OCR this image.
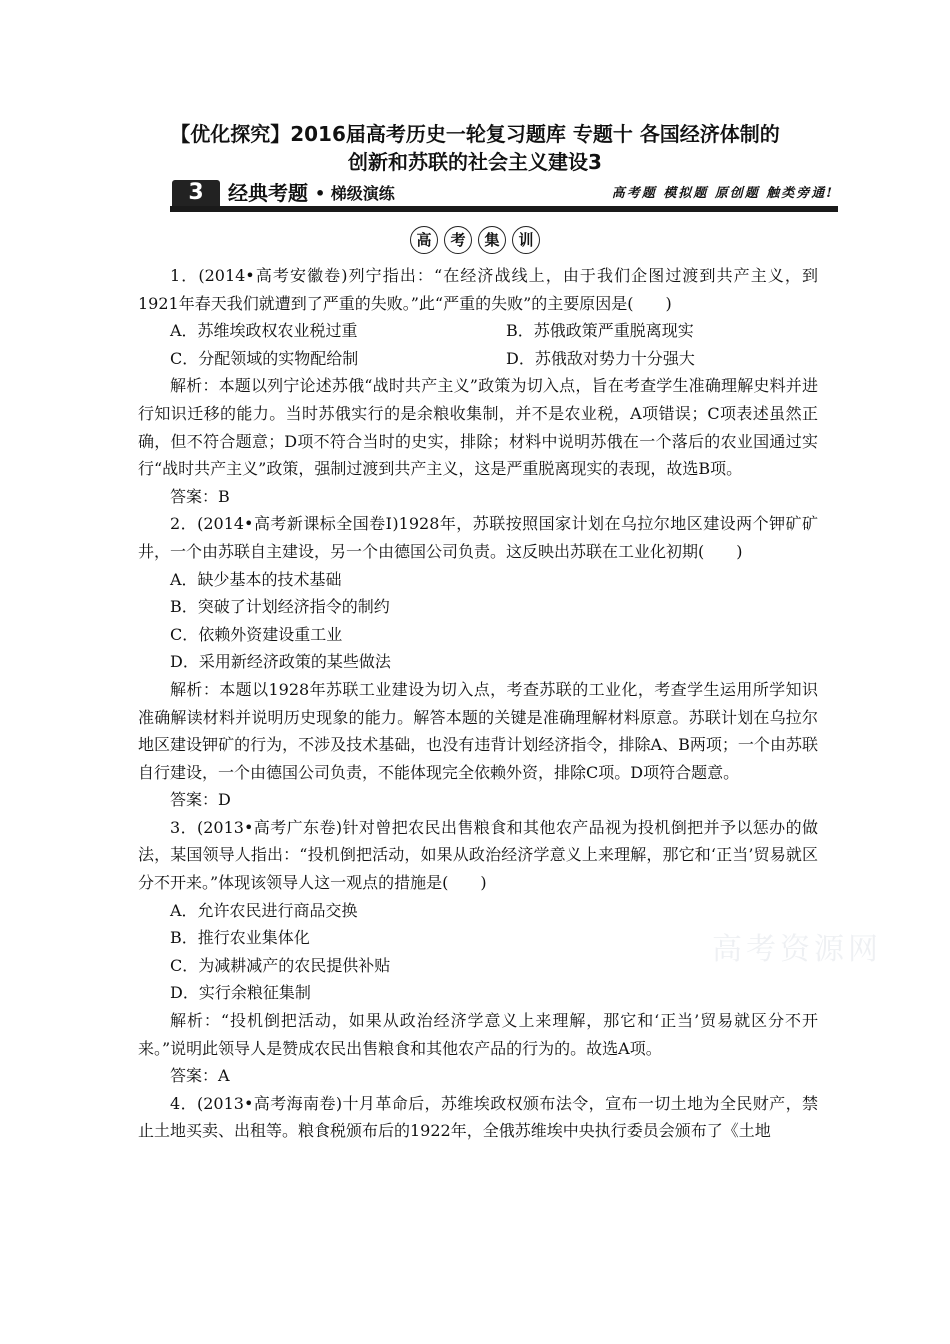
【优化探究】2016届高考历史一轮复习题库 专题十 各国经济体制的
创新和苏联的社会主义建设3
3	经典考题 • 梯级演练	高考题 模拟题 原创题 触类旁通!
高 考 集 训
高考资源网

1．(2014•高考安徽卷)列宁指出：“在经济战线上，由于我们企图过渡到共产主义，到1921年春天我们就遭到了严重的失败。”此“严重的失败”的主要原因是(　　)

A．苏维埃政权农业税过重	B．苏俄政策严重脱离现实
C．分配领域的实物配给制	D．苏俄敌对势力十分强大

解析：本题以列宁论述苏俄“战时共产主义”政策为切入点，旨在考查学生准确理解史料并进行知识迁移的能力。当时苏俄实行的是余粮收集制，并不是农业税，A项错误；C项表述虽然正确，但不符合题意；D项不符合当时的史实，排除；材料中说明苏俄在一个落后的农业国通过实行“战时共产主义”政策，强制过渡到共产主义，这是严重脱离现实的表现，故选B项。

答案：B

2．(2014•高考新课标全国卷Ⅰ)1928年，苏联按照国家计划在乌拉尔地区建设两个钾矿矿井，一个由苏联自主建设，另一个由德国公司负责。这反映出苏联在工业化初期(　　)

A．缺少基本的技术基础

B．突破了计划经济指令的制约

C．依赖外资建设重工业

D．采用新经济政策的某些做法

解析：本题以1928年苏联工业建设为切入点，考查苏联的工业化，考查学生运用所学知识准确解读材料并说明历史现象的能力。解答本题的关键是准确理解材料原意。苏联计划在乌拉尔地区建设钾矿的行为，不涉及技术基础，也没有违背计划经济指令，排除A、B两项；一个由苏联自行建设，一个由德国公司负责，不能体现完全依赖外资，排除C项。D项符合题意。

答案：D

3．(2013•高考广东卷)针对曾把农民出售粮食和其他农产品视为投机倒把并予以惩办的做法，某国领导人指出：“投机倒把活动，如果从政治经济学意义上来理解，那它和‘正当’贸易就区分不开来。”体现该领导人这一观点的措施是(　　)

A．允许农民进行商品交换

B．推行农业集体化

C．为减耕减产的农民提供补贴

D．实行余粮征集制

解析：“投机倒把活动，如果从政治经济学意义上来理解，那它和‘正当’贸易就区分不开来。”说明此领导人是赞成农民出售粮食和其他农产品的行为的。故选A项。

答案：A

4．(2013•高考海南卷)十月革命后，苏维埃政权颁布法令，宣布一切土地为全民财产，禁止土地买卖、出租等。粮食税颁布后的1922年，全俄苏维埃中央执行委员会颁布了《土地
